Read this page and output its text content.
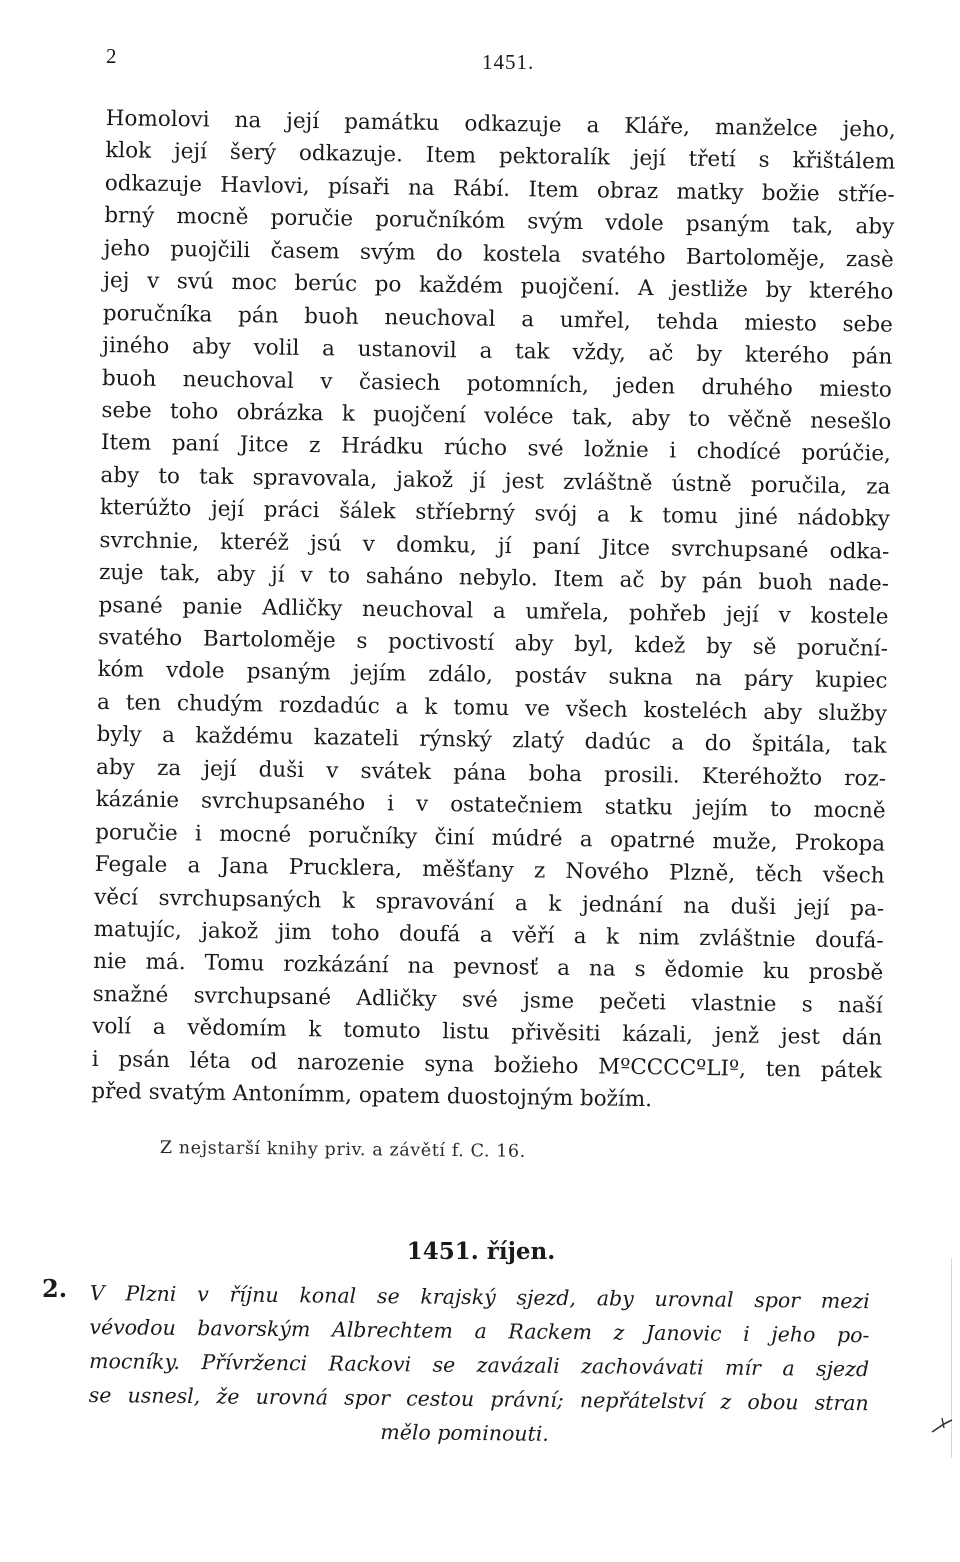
2	1451.
Homolovi na její památku odkazuje a Kláře, manželce jeho,
klok její šerý odkazuje. Item pektoralík její třetí s křištálem
odkazuje Havlovi, písaři na Rábí. Item obraz matky božie stříe-
brný mocně poručie poručníkóm svým vdole psaným tak, aby
jeho puojčili časem svým do kostela svatého Bartoloměje, zasè
jej v svú moc berúc po každém puojčení. A jestliže by kterého
poručníka pán buoh neuchoval a umřel, tehda miesto sebe
jiného aby volil a ustanovil a tak vždy, ač by kterého pán
buoh neuchoval v časiech potomních, jeden druhého miesto
sebe toho obrázka k puojčení voléce tak, aby to věčně nesešlo
Item paní Jitce z Hrádku rúcho své ložnie i chodícé porúčie,
aby to tak spravovala, jakož jí jest zvláštně ústně poručila, za
kterúžto její práci šálek stříebrný svój a k tomu jiné nádobky
svrchnie, kteréž jsú v domku, jí paní Jitce svrchupsané odka-
zuje tak, aby jí v to saháno nebylo. Item ač by pán buoh nade-
psané panie Adličky neuchoval a umřela, pohřeb její v kostele
svatého Bartoloměje s poctivostí aby byl, kdež by sě poruční-
kóm vdole psaným jejím zdálo, postáv sukna na páry kupiec
a ten chudým rozdadúc a k tomu ve všech kosteléch aby služby
byly a každému kazateli rýnský zlatý dadúc a do špitála, tak
aby za její duši v svátek pána boha prosili. Kteréhožto roz-
kázánie svrchupsaného i v ostatečniem statku jejím to mocně
poručie i mocné poručníky činí múdré a opatrné muže, Prokopa
Fegale a Jana Prucklera, měšťany z Nového Plzně, těch všech
věcí svrchupsaných k spravování a k jednání na duši její pa-
matujíc, jakož jim toho doufá a věří a k nim zvláštnie doufá-
nie má. Tomu rozkázání na pevnosť a na s ědomie ku prosbě
snažné svrchupsané Adličky své jsme pečeti vlastnie s naší
volí a vědomím k tomuto listu přivěsiti kázali, jenž jest dán
i psán léta od narozenie syna božieho MºCCCCºLIº, ten pátek
před svatým Antonímm, opatem duostojným božím.
Z nejstarší knihy priv. a závětí f. C. 16.
1451. říjen.
2. V Plzni v říjnu konal se krajský sjezd, aby urovnal spor mezi
vévodou bavorským Albrechtem a Rackem z Janovic i jeho po-
mocníky. Přívrženci Rackovi se zavázali zachovávati mír a sjezd
se usnesl, že urovná spor cestou právní; nepřátelství z obou stran
mělo pominouti.
